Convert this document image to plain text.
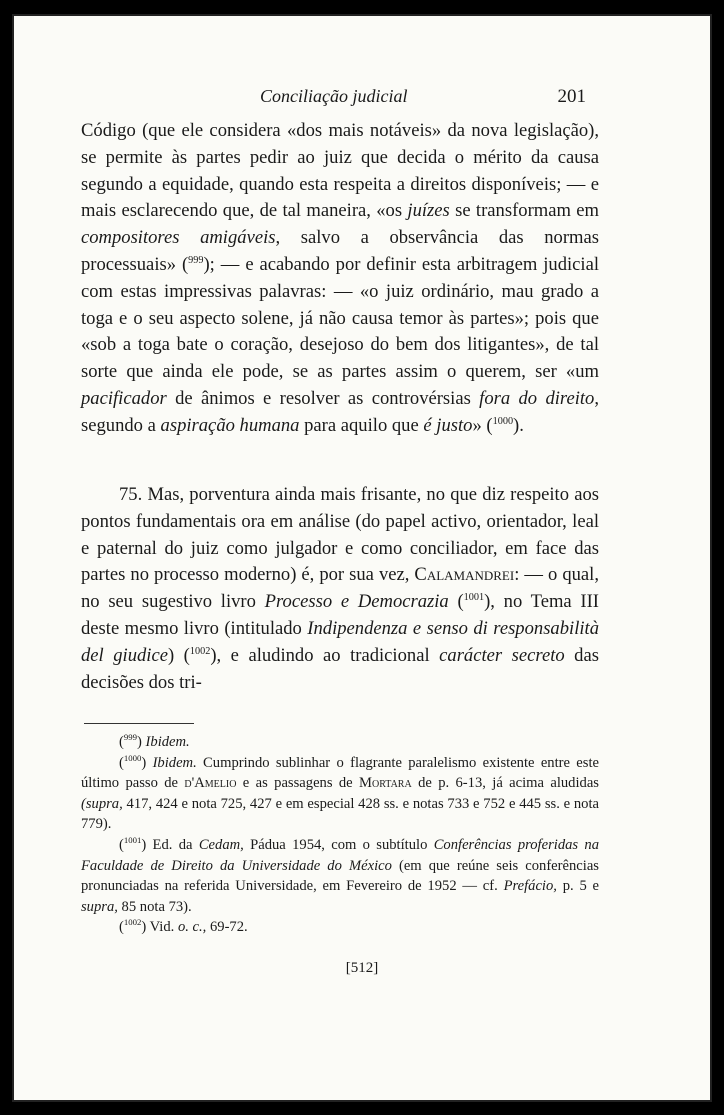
Conciliação judicial	201

Código (que ele considera «dos mais notáveis» da nova legislação), se permite às partes pedir ao juiz que decida o mérito da causa segundo a equidade, quando esta respeita a direitos disponíveis; — e mais esclarecendo que, de tal maneira, «os juízes se transformam em compositores amigáveis, salvo a observância das normas processuais» ($^{999}$); — e acabando por definir esta arbitragem judicial com estas impressivas palavras: — «o juiz ordinário, mau grado a toga e o seu aspecto solene, já não causa temor às partes»; pois que «sob a toga bate o coração, desejoso do bem dos litigantes», de tal sorte que ainda ele pode, se as partes assim o querem, ser «um pacificador de ânimos e resolver as controvérsias fora do direito, segundo a aspiração humana para aquilo que é justo» ($^{1000}$).

75. Mas, porventura ainda mais frisante, no que diz respeito aos pontos fundamentais ora em análise (do papel activo, orientador, leal e paternal do juiz como julgador e como conciliador, em face das partes no processo moderno) é, por sua vez, Calamandrei: — o qual, no seu sugestivo livro Processo e Democrazia ($^{1001}$), no Tema III deste mesmo livro (intitulado Indipendenza e senso di responsabilità del giudice) ($^{1002}$), e aludindo ao tradicional carácter secreto das decisões dos tri-

($^{999}$) Ibidem.

($^{1000}$) Ibidem. Cumprindo sublinhar o flagrante paralelismo existente entre este último passo de d'Amelio e as passagens de Mortara de p. 6-13, já acima aludidas (supra, 417, 424 e nota 725, 427 e em especial 428 ss. e notas 733 e 752 e 445 ss. e nota 779).

($^{1001}$) Ed. da Cedam, Pádua 1954, com o subtítulo Conferências proferidas na Faculdade de Direito da Universidade do México (em que reúne seis conferências pronunciadas na referida Universidade, em Fevereiro de 1952 — cf. Prefácio, p. 5 e supra, 85 nota 73).

($^{1002}$) Vid. o. c., 69-72.

[512]
